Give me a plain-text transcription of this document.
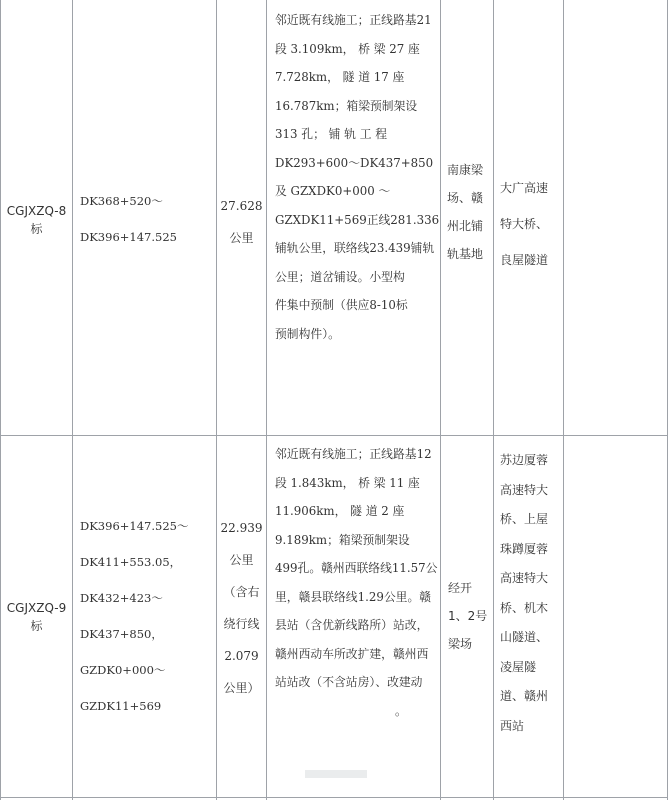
CGJXZQ-8
标
DK368+520～
DK396+147.525
27.628
公里
邻近既有线施工；正线路基21
段 3.109km， 桥 梁 27 座
7.728km， 隧 道 17 座
16.787km；箱梁预制架设
313 孔； 铺 轨 工 程
DK293+600～DK437+850
及 GZXDK0+000 ～
GZXDK11+569正线281.336
铺轨公里，联络线23.439铺轨
公里；道岔铺设。小型构
件集中预制（供应8-10标
预制构件）。
南康梁
场、赣
州北铺
轨基地
大广高速
特大桥、
良屋隧道
CGJXZQ-9
标
DK396+147.525～
DK411+553.05，
DK432+423～
DK437+850，
GZDK0+000～
GZDK11+569
22.939
公里
（含右
绕行线
2.079
公里）
邻近既有线施工；正线路基12
段 1.843km， 桥 梁 11 座
11.906km， 隧 道 2 座
9.189km；箱梁预制架设
499孔。赣州西联络线11.57公
里，赣县联络线1.29公里。赣
县站（含优新线路所）站改，
赣州西动车所改扩建，赣州西
站站改（不含站房）、改建动
。
经开
1、2号
梁场
苏边厦蓉
高速特大
桥、上屋
珠蹲厦蓉
高速特大
桥、机木
山隧道、
凌屋隧
道、赣州
西站
